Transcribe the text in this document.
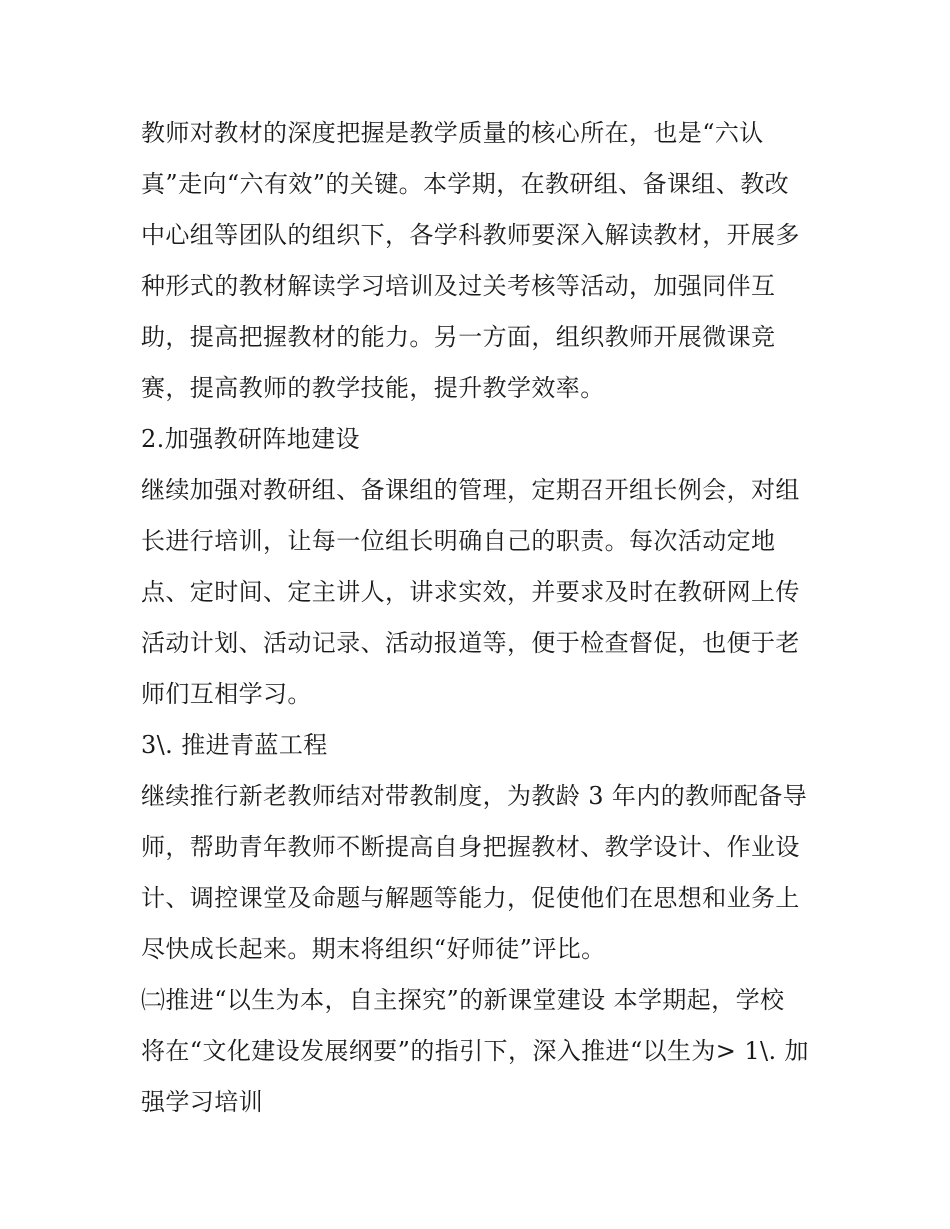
教师对教材的深度把握是教学质量的核心所在，也是“六认
真”走向“六有效”的关键。本学期，在教研组、备课组、教改
中心组等团队的组织下，各学科教师要深入解读教材，开展多
种形式的教材解读学习培训及过关考核等活动，加强同伴互
助，提高把握教材的能力。另一方面，组织教师开展微课竞
赛，提高教师的教学技能，提升教学效率。
2.加强教研阵地建设
继续加强对教研组、备课组的管理，定期召开组长例会，对组
长进行培训，让每一位组长明确自己的职责。每次活动定地
点、定时间、定主讲人，讲求实效，并要求及时在教研网上传
活动计划、活动记录、活动报道等，便于检查督促，也便于老
师们互相学习。
3\. 推进青蓝工程
继续推行新老教师结对带教制度，为教龄 3 年内的教师配备导
师，帮助青年教师不断提高自身把握教材、教学设计、作业设
计、调控课堂及命题与解题等能力，促使他们在思想和业务上
尽快成长起来。期末将组织“好师徒”评比。
㈡推进“以生为本，自主探究”的新课堂建设 本学期起，学校
将在“文化建设发展纲要”的指引下，深入推进“以生为> 1\. 加
强学习培训
